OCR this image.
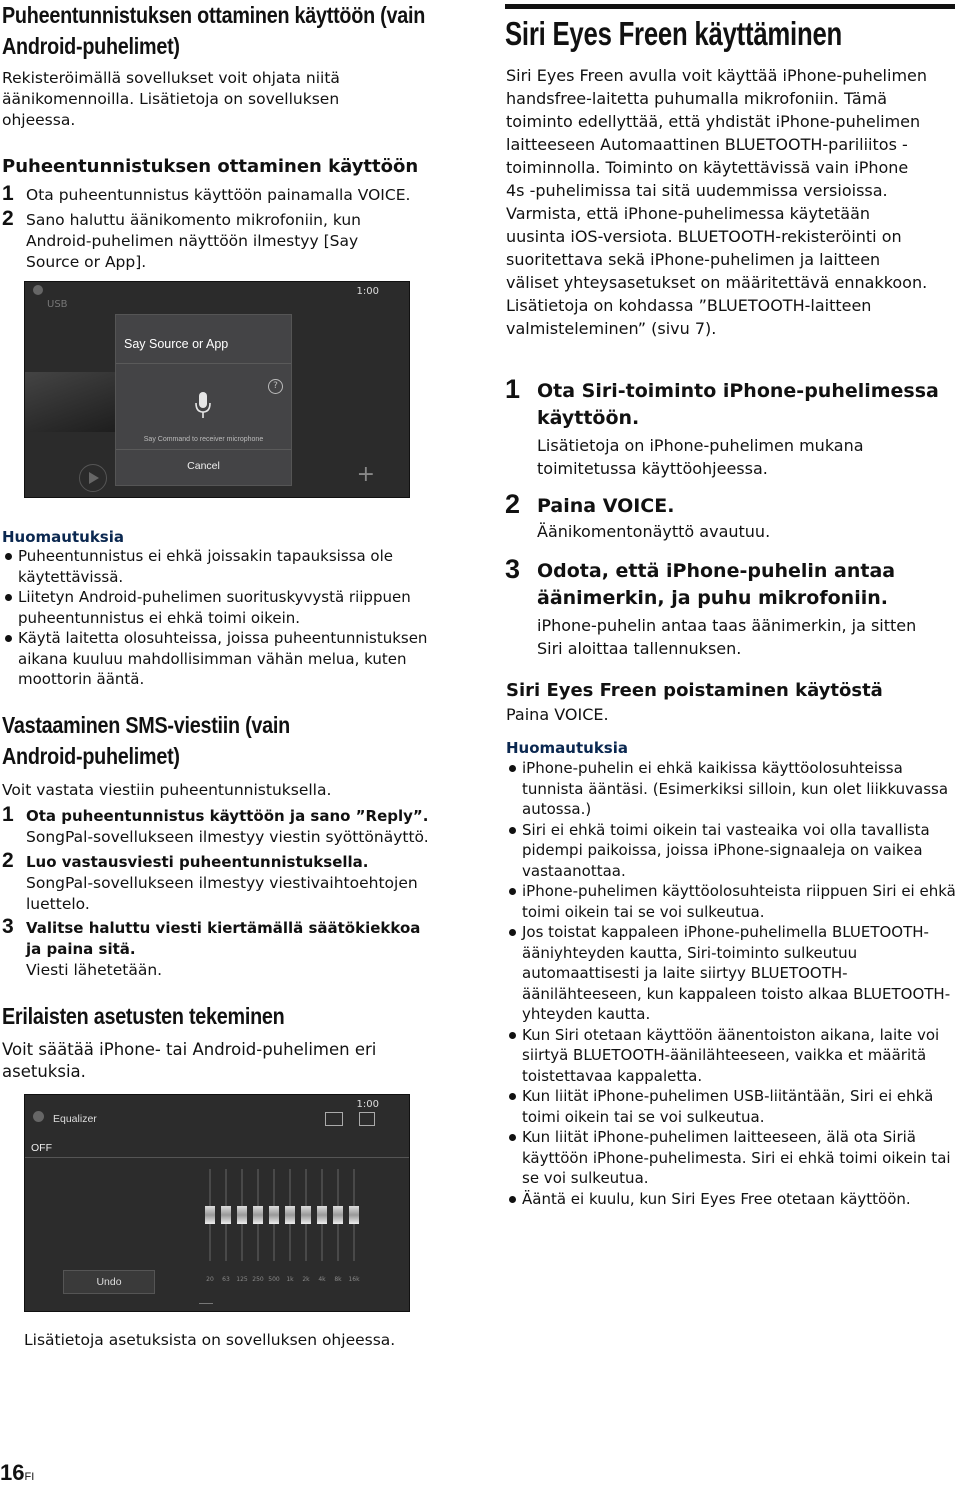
Puheentunnistuksen ottaminen käyttöön (vain Android-puhelimet)

Rekisteröimällä sovellukset voit ohjata niitä äänikomennoilla. Lisätietoja on sovelluksen ohjeessa.

Puheentunnistuksen ottaminen käyttöön
1 Ota puheentunnistus käyttöön painamalla VOICE.
2 Sano haluttu äänikomento mikrofoniin, kun Android-puhelimen näyttöön ilmestyy [Say Source or App].
1:00
USB
Say Source or App
?
Say Command to receiver microphone
Cancel	+
Huomautuksia
Puheentunnistus ei ehkä joissakin tapauksissa ole käytettävissä.
Liitetyn Android-puhelimen suorituskyvystä riippuen puheentunnistus ei ehkä toimi oikein.
Käytä laitetta olosuhteissa, joissa puheentunnistuksen aikana kuuluu mahdollisimman vähän melua, kuten moottorin ääntä.
Vastaaminen SMS-viestiin (vain Android-puhelimet)

Voit vastata viestiin puheentunnistuksella.

1 Ota puheentunnistus käyttöön ja sano ”Reply”.
SongPal-sovellukseen ilmestyy viestin syöttönäyttö.
2 Luo vastausviesti puheentunnistuksella.
SongPal-sovellukseen ilmestyy viestivaihtoehtojen luettelo.
3 Valitse haluttu viesti kiertämällä säätökiekkoa ja paina sitä.
Viesti lähetetään.
Erilaisten asetusten tekeminen

Voit säätää iPhone- tai Android-puhelimen eri asetuksia.

1:00
Equalizer
OFF
Undo	20 63 125 250 500 1k 2k 4k 8k 16k

Lisätietoja asetuksista on sovelluksen ohjeessa.

Siri Eyes Freen käyttäminen

Siri Eyes Freen avulla voit käyttää iPhone-puhelimen handsfree-laitetta puhumalla mikrofoniin. Tämä toiminto edellyttää, että yhdistät iPhone-puhelimen laitteeseen Automaattinen BLUETOOTH-pariliitos -toiminnolla. Toiminto on käytettävissä vain iPhone 4s -puhelimissa tai sitä uudemmissa versioissa. Varmista, että iPhone-puhelimessa käytetään uusinta iOS-versiota. BLUETOOTH-rekisteröinti on suoritettava sekä iPhone-puhelimen ja laitteen väliset yhteysasetukset on määritettävä ennakkoon. Lisätietoja on kohdassa ”BLUETOOTH-laitteen valmisteleminen” (sivu 7).

1 Ota Siri-toiminto iPhone-puhelimessa käyttöön.
Lisätietoja on iPhone-puhelimen mukana toimitetussa käyttöohjeessa.
2 Paina VOICE.
Äänikomentonäyttö avautuu.
3 Odota, että iPhone-puhelin antaa äänimerkin, ja puhu mikrofoniin.
iPhone-puhelin antaa taas äänimerkin, ja sitten Siri aloittaa tallennuksen.
Siri Eyes Freen poistaminen käytöstä

Paina VOICE.

Huomautuksia
iPhone-puhelin ei ehkä kaikissa käyttöolosuhteissa tunnista ääntäsi. (Esimerkiksi silloin, kun olet liikkuvassa autossa.)
Siri ei ehkä toimi oikein tai vasteaika voi olla tavallista pidempi paikoissa, joissa iPhone-signaaleja on vaikea vastaanottaa.
iPhone-puhelimen käyttöolosuhteista riippuen Siri ei ehkä toimi oikein tai se voi sulkeutua.
Jos toistat kappaleen iPhone-puhelimella BLUETOOTH-ääniyhteyden kautta, Siri-toiminto sulkeutuu automaattisesti ja laite siirtyy BLUETOOTH-äänilähteeseen, kun kappaleen toisto alkaa BLUETOOTH-yhteyden kautta.
Kun Siri otetaan käyttöön äänentoiston aikana, laite voi siirtyä BLUETOOTH-äänilähteeseen, vaikka et määritä toistettavaa kappaletta.
Kun liität iPhone-puhelimen USB-liitäntään, Siri ei ehkä toimi oikein tai se voi sulkeutua.
Kun liität iPhone-puhelimen laitteeseen, älä ota Siriä käyttöön iPhone-puhelimesta. Siri ei ehkä toimi oikein tai se voi sulkeutua.
Ääntä ei kuulu, kun Siri Eyes Free otetaan käyttöön.
16FI
